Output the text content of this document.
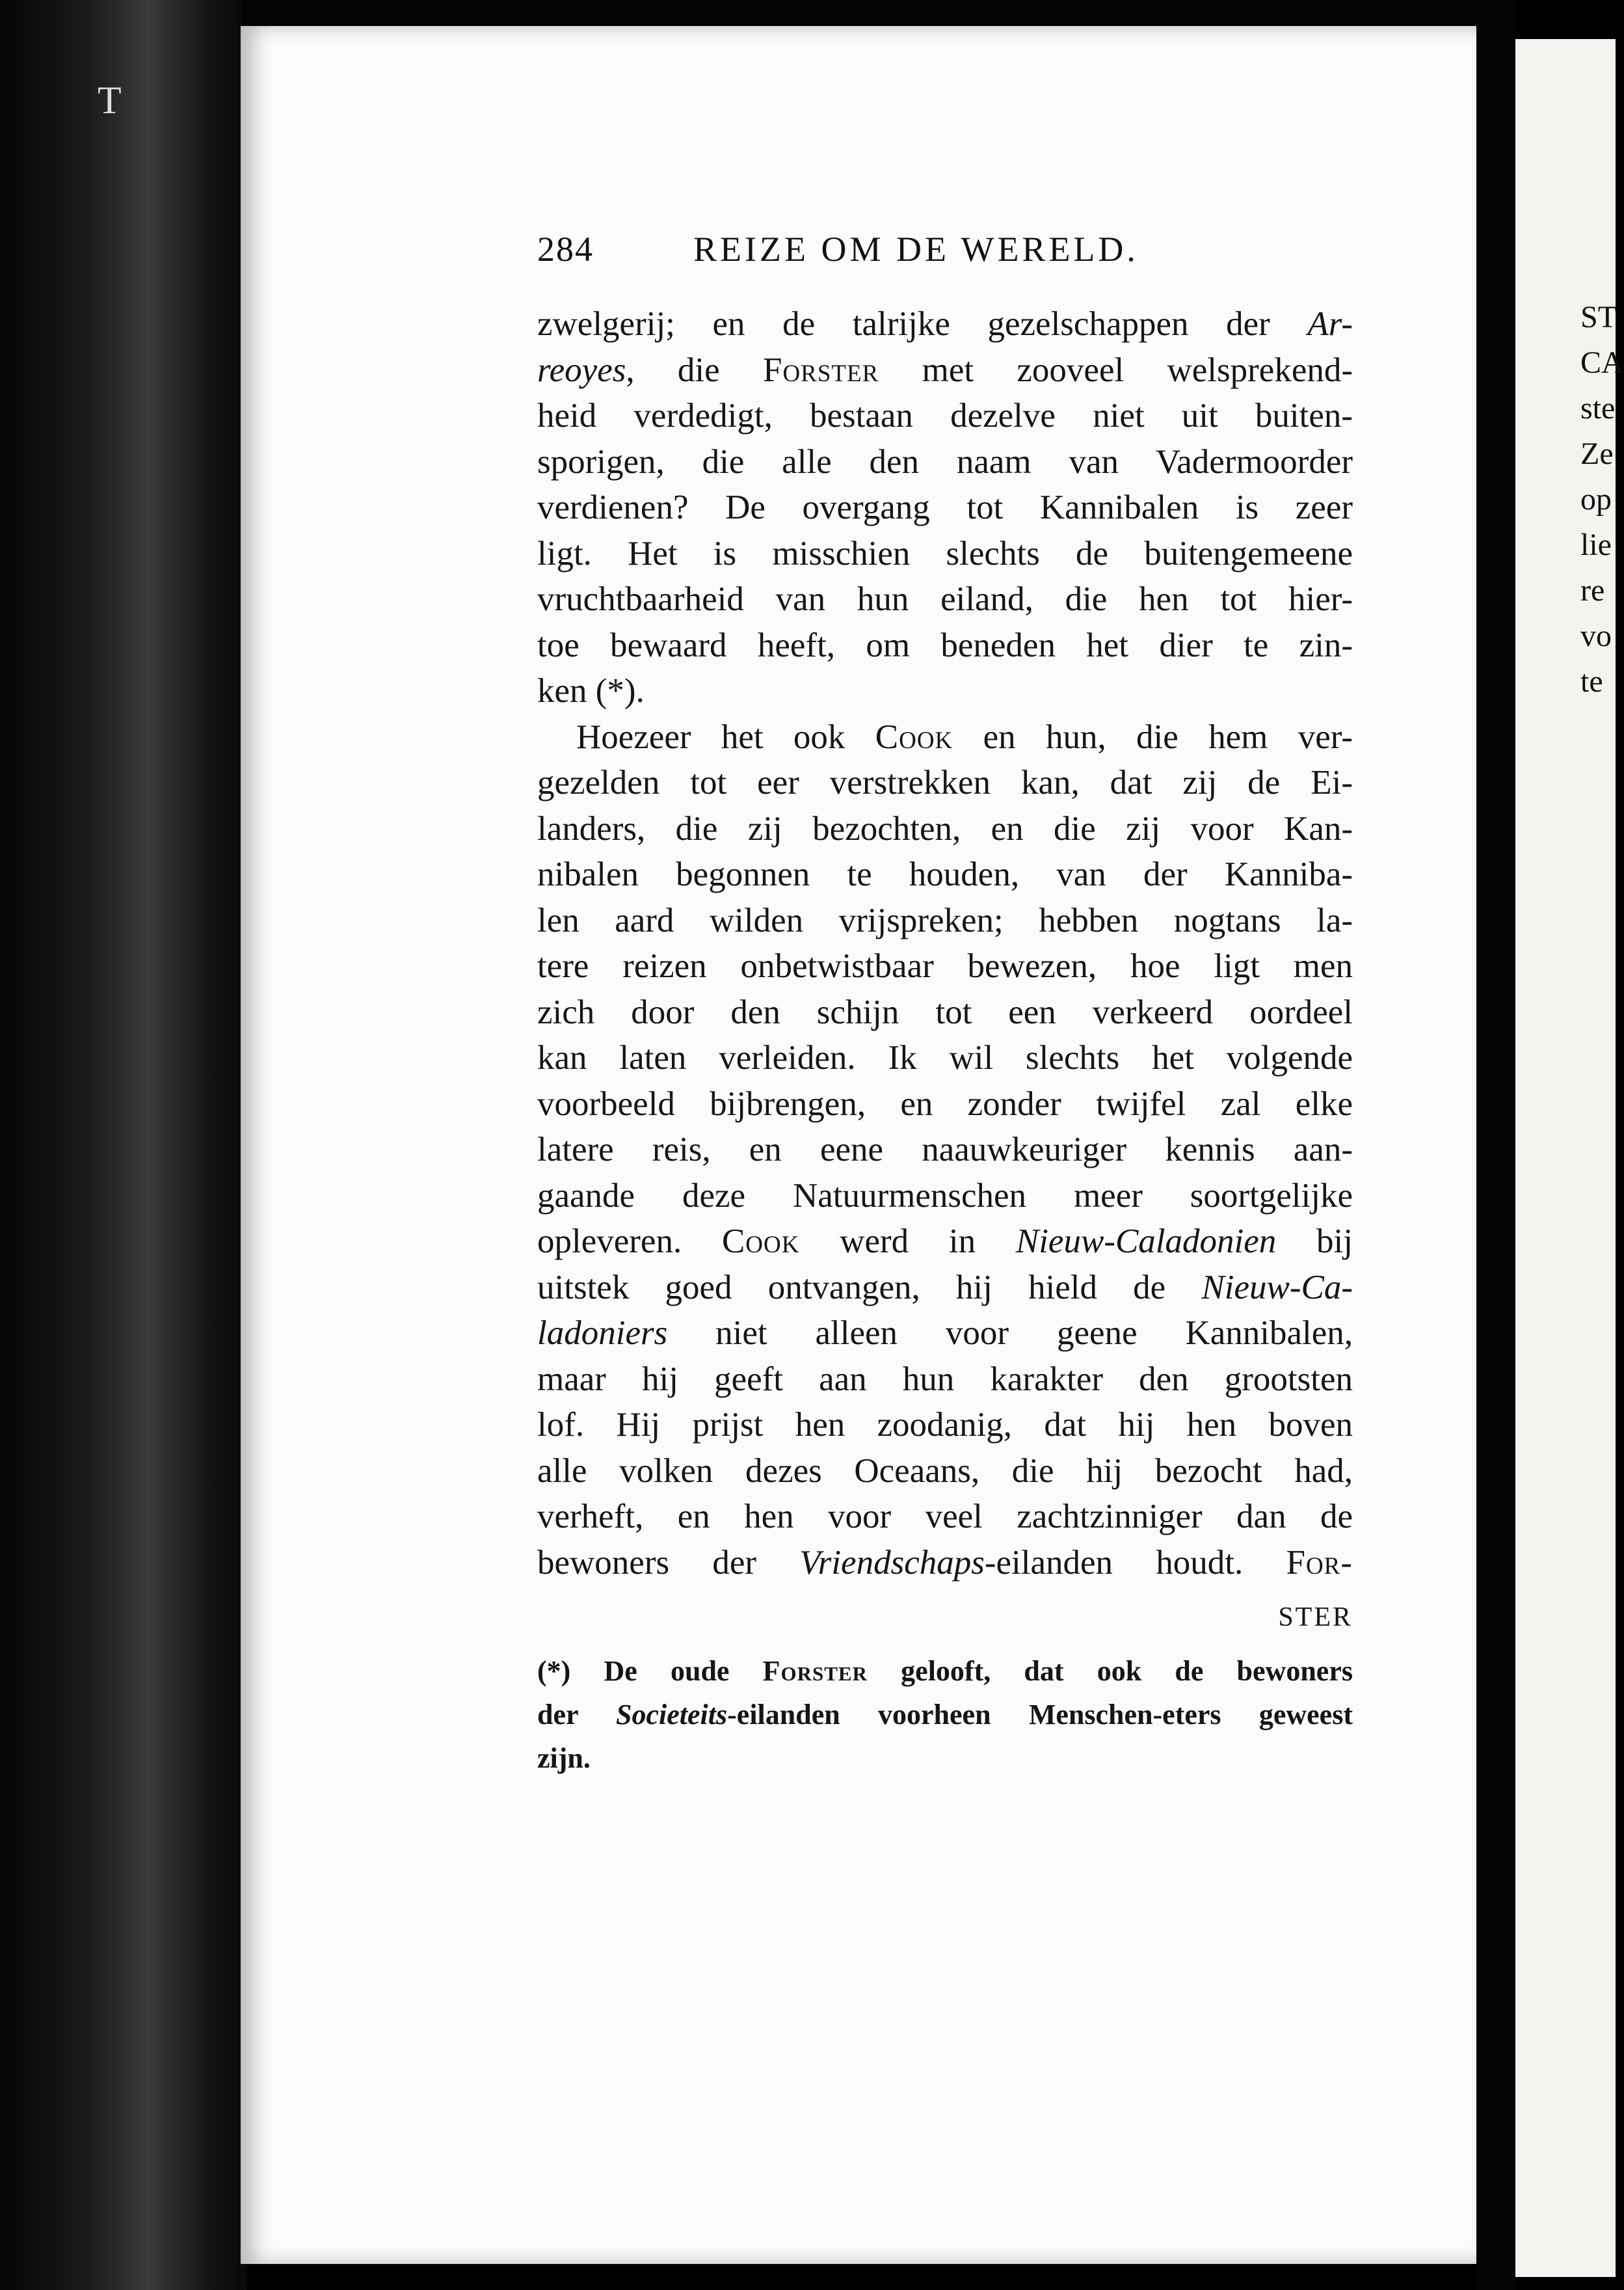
T
ST
CA
ste
Ze
op
lie
re
vo
te
284	REIZE OM DE WERELD.
zwelgerij; en de talrijke gezelschappen der Ar-
reoyes, die Forster met zooveel welsprekend-
heid verdedigt, bestaan dezelve niet uit buiten-
sporigen, die alle den naam van Vadermoorder
verdienen? De overgang tot Kannibalen is zeer
ligt. Het is misschien slechts de buitengemeene
vruchtbaarheid van hun eiland, die hen tot hier-
toe bewaard heeft, om beneden het dier te zin-
ken (*).
Hoezeer het ook Cook en hun, die hem ver-
gezelden tot eer verstrekken kan, dat zij de Ei-
landers, die zij bezochten, en die zij voor Kan-
nibalen begonnen te houden, van der Kanniba-
len aard wilden vrijspreken; hebben nogtans la-
tere reizen onbetwistbaar bewezen, hoe ligt men
zich door den schijn tot een verkeerd oordeel
kan laten verleiden. Ik wil slechts het volgende
voorbeeld bijbrengen, en zonder twijfel zal elke
latere reis, en eene naauwkeuriger kennis aan-
gaande deze Natuurmenschen meer soortgelijke
opleveren. Cook werd in Nieuw-Caladonien bij
uitstek goed ontvangen, hij hield de Nieuw-Ca-
ladoniers niet alleen voor geene Kannibalen,
maar hij geeft aan hun karakter den grootsten
lof. Hij prijst hen zoodanig, dat hij hen boven
alle volken dezes Oceaans, die hij bezocht had,
verheft, en hen voor veel zachtzinniger dan de
bewoners der Vriendschaps-eilanden houdt. For-
STER
(*) De oude Forster gelooft, dat ook de bewoners
der Societeits-eilanden voorheen Menschen-eters geweest
zijn.
